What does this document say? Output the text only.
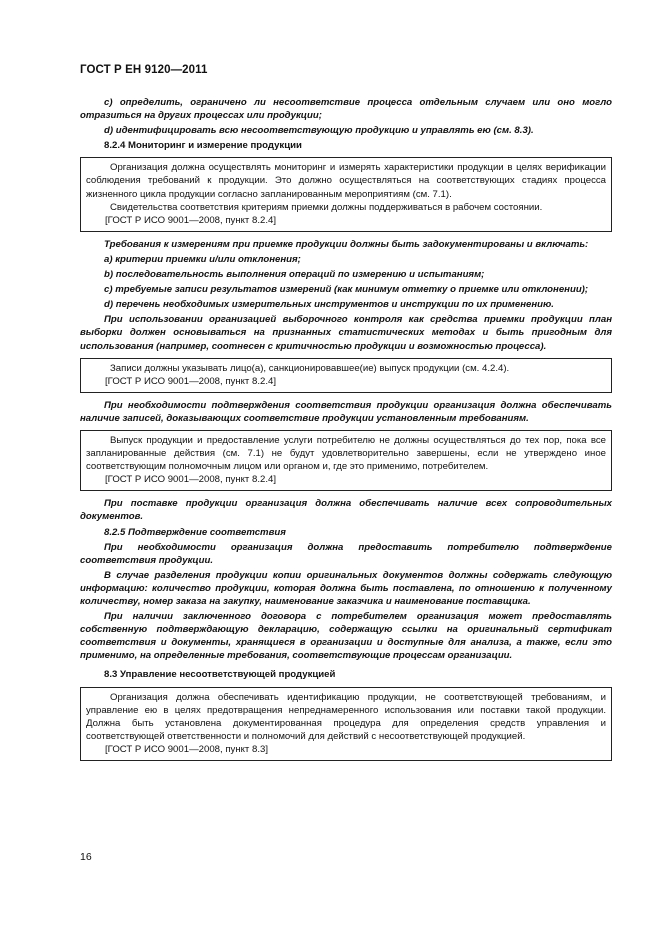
ГОСТ Р ЕН 9120—2011

c) определить, ограничено ли несоответствие процесса отдельным случаем или оно могло отразиться на других процессах или продукции;

d) идентифицировать всю несоответствующую продукцию и управлять ею (см. 8.3).

8.2.4 Мониторинг и измерение продукции

Организация должна осуществлять мониторинг и измерять характеристики продукции в целях верификации соблюдения требований к продукции. Это должно осуществляться на соответствующих стадиях процесса жизненного цикла продукции согласно запланированным мероприятиям (см. 7.1).

Свидетельства соответствия критериям приемки должны поддерживаться в рабочем состоянии.

[ГОСТ Р ИСО 9001—2008, пункт 8.2.4]

Требования к измерениям при приемке продукции должны быть задокументированы и включать:

a) критерии приемки и/или отклонения;

b) последовательность выполнения операций по измерению и испытаниям;

c) требуемые записи результатов измерений (как минимум отметку о приемке или отклонении);

d) перечень необходимых измерительных инструментов и инструкции по их применению.

При использовании организацией выборочного контроля как средства приемки продукции план выборки должен основываться на признанных статистических методах и быть пригодным для использования (например, соотнесен с критичностью продукции и возможностью процесса).

Записи должны указывать лицо(а), санкционировавшее(ие) выпуск продукции (см. 4.2.4).

[ГОСТ Р ИСО 9001—2008, пункт 8.2.4]

При необходимости подтверждения соответствия продукции организация должна обеспечивать наличие записей, доказывающих соответствие продукции установленным требованиям.

Выпуск продукции и предоставление услуги потребителю не должны осуществляться до тех пор, пока все запланированные действия (см. 7.1) не будут удовлетворительно завершены, если не утверждено иное соответствующим полномочным лицом или органом и, где это применимо, потребителем.

[ГОСТ Р ИСО 9001—2008, пункт 8.2.4]

При поставке продукции организация должна обеспечивать наличие всех сопроводительных документов.

8.2.5 Подтверждение соответствия

При необходимости организация должна предоставить потребителю подтверждение соответствия продукции.

В случае разделения продукции копии оригинальных документов должны содержать следующую информацию: количество продукции, которая должна быть поставлена, по отношению к полученному количеству, номер заказа на закупку, наименование заказчика и наименование поставщика.

При наличии заключенного договора с потребителем организация может предоставлять собственную подтверждающую декларацию, содержащую ссылки на оригинальный сертификат соответствия и документы, хранящиеся в организации и доступные для анализа, а также, если это применимо, на определенные требования, соответствующие процессам организации.

8.3 Управление несоответствующей продукцией

Организация должна обеспечивать идентификацию продукции, не соответствующей требованиям, и управление ею в целях предотвращения непреднамеренного использования или поставки такой продукции. Должна быть установлена документированная процедура для определения средств управления и соответствующей ответственности и полномочий для действий с несоответствующей продукцией.

[ГОСТ Р ИСО 9001—2008, пункт 8.3]

16
